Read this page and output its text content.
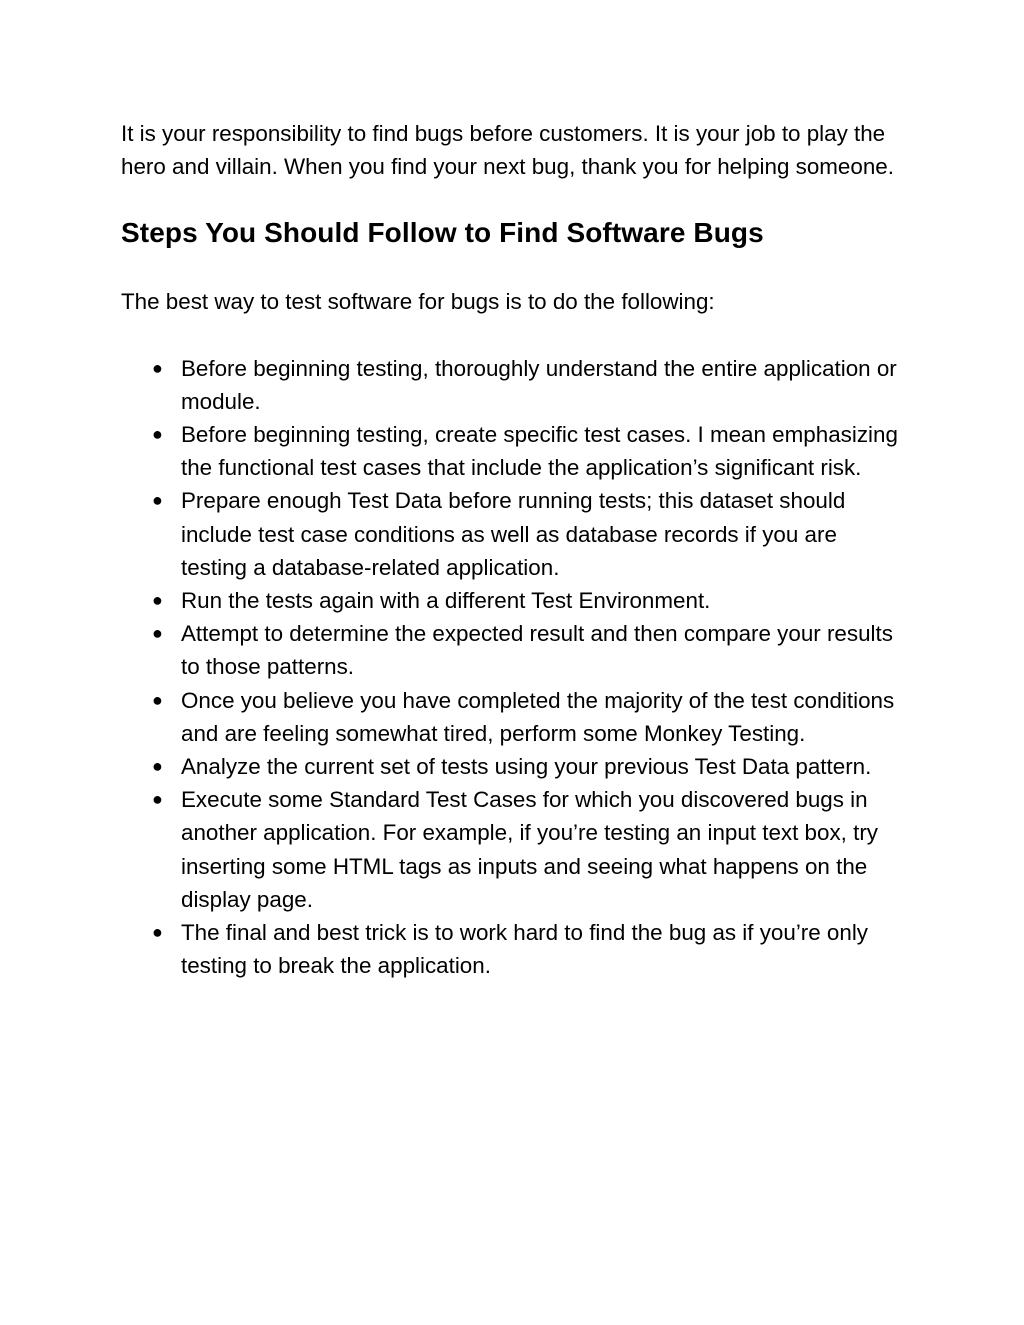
It is your responsibility to find bugs before customers. It is your job to play the hero and villain. When you find your next bug, thank you for helping someone.

Steps You Should Follow to Find Software Bugs

The best way to test software for bugs is to do the following:

● Before beginning testing, thoroughly understand the entire application or module.
● Before beginning testing, create specific test cases. I mean emphasizing the functional test cases that include the application’s significant risk.
● Prepare enough Test Data before running tests; this dataset should include test case conditions as well as database records if you are testing a database-related application.
● Run the tests again with a different Test Environment.
● Attempt to determine the expected result and then compare your results to those patterns.
● Once you believe you have completed the majority of the test conditions and are feeling somewhat tired, perform some Monkey Testing.
● Analyze the current set of tests using your previous Test Data pattern.
● Execute some Standard Test Cases for which you discovered bugs in another application. For example, if you’re testing an input text box, try inserting some HTML tags as inputs and seeing what happens on the display page.
● The final and best trick is to work hard to find the bug as if you’re only testing to break the application.
